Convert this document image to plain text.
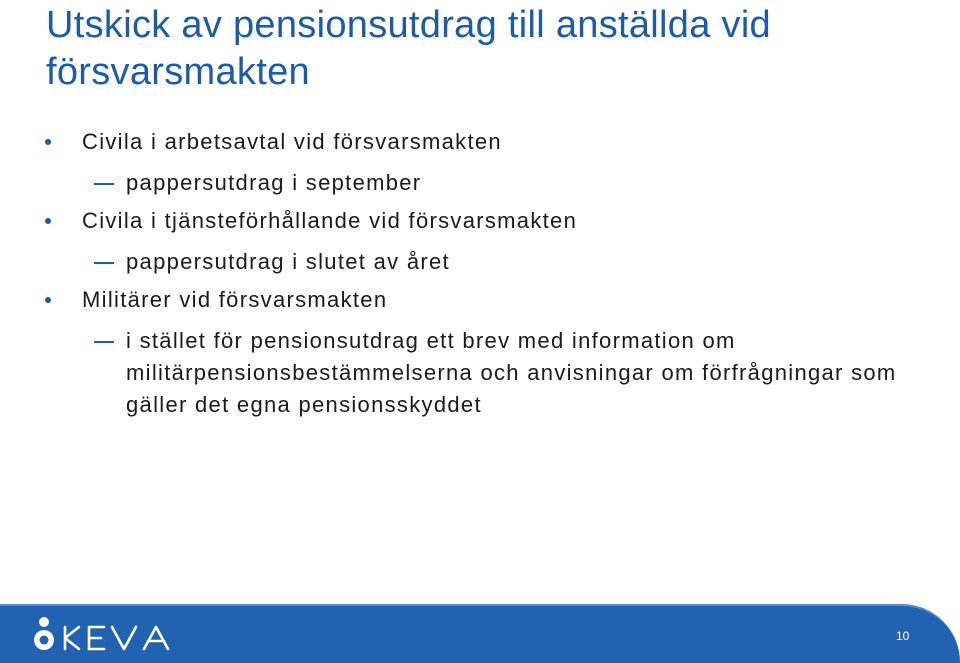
Utskick av pensionsutdrag till anställda vid försvarsmakten
Civila i arbetsavtal vid försvarsmakten
pappersutdrag i september
Civila i tjänsteförhållande vid försvarsmakten
pappersutdrag i slutet av året
Militärer vid försvarsmakten
i stället för pensionsutdrag ett brev med information om militärpensionsbestämmelserna och anvisningar om förfrågningar som gäller det egna pensionsskyddet
10
